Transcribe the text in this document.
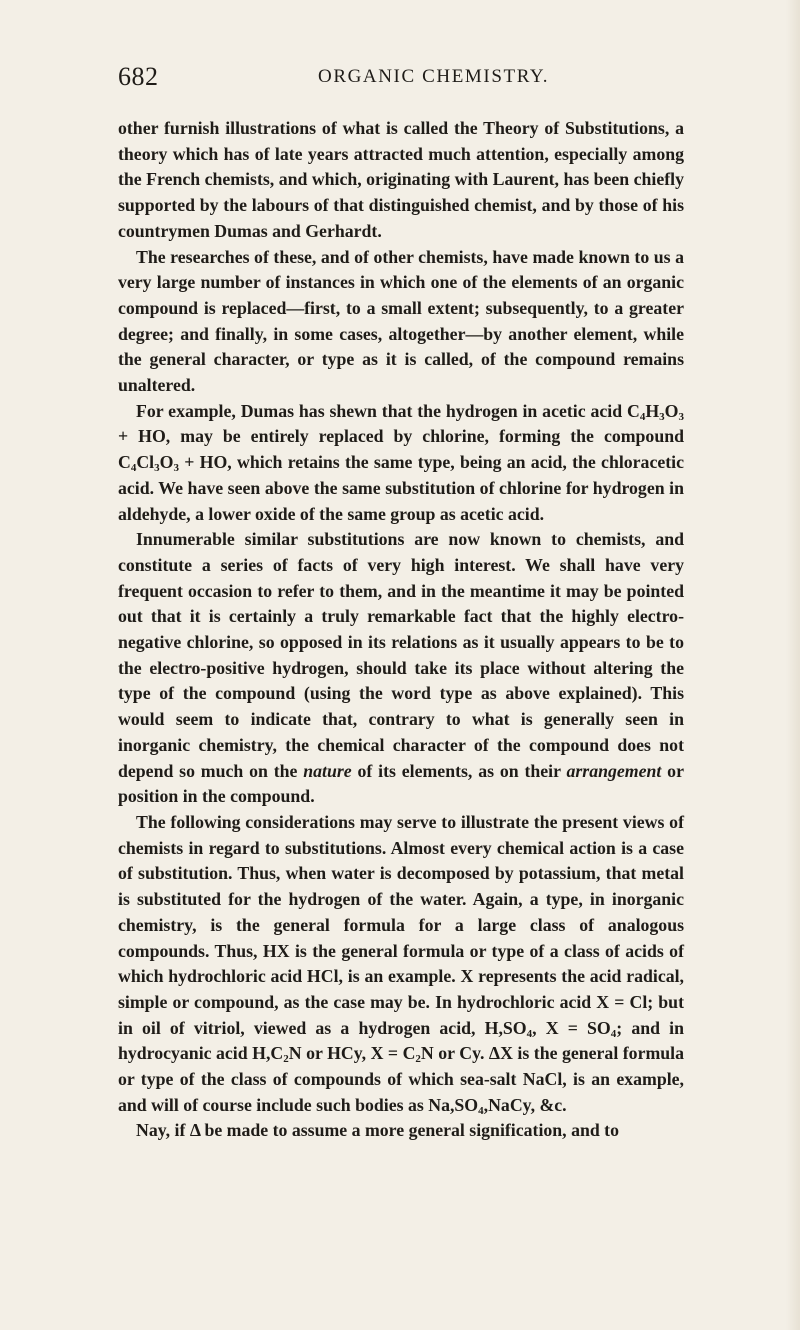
682	ORGANIC CHEMISTRY.

other furnish illustrations of what is called the Theory of Substitutions, a theory which has of late years attracted much attention, especially among the French chemists, and which, originating with Laurent, has been chiefly supported by the labours of that distinguished chemist, and by those of his countrymen Dumas and Gerhardt.

The researches of these, and of other chemists, have made known to us a very large number of instances in which one of the elements of an organic compound is replaced—first, to a small extent; subsequently, to a greater degree; and finally, in some cases, altogether—by another element, while the general character, or type as it is called, of the compound remains unaltered.

For example, Dumas has shewn that the hydrogen in acetic acid $C_4H_3O_3$ + HO, may be entirely replaced by chlorine, forming the compound $C_4Cl_3O_3$ + HO, which retains the same type, being an acid, the chloracetic acid. We have seen above the same substitution of chlorine for hydrogen in aldehyde, a lower oxide of the same group as acetic acid.

Innumerable similar substitutions are now known to chemists, and constitute a series of facts of very high interest. We shall have very frequent occasion to refer to them, and in the meantime it may be pointed out that it is certainly a truly remarkable fact that the highly electro-negative chlorine, so opposed in its relations as it usually appears to be to the electro-positive hydrogen, should take its place without altering the type of the compound (using the word type as above explained). This would seem to indicate that, contrary to what is generally seen in inorganic chemistry, the chemical character of the compound does not depend so much on the nature of its elements, as on their arrangement or position in the compound.

The following considerations may serve to illustrate the present views of chemists in regard to substitutions. Almost every chemical action is a case of substitution. Thus, when water is decomposed by potassium, that metal is substituted for the hydrogen of the water. Again, a type, in inorganic chemistry, is the general formula for a large class of analogous compounds. Thus, HX is the general formula or type of a class of acids of which hydrochloric acid HCl, is an example. X represents the acid radical, simple or compound, as the case may be. In hydrochloric acid X = Cl; but in oil of vitriol, viewed as a hydrogen acid, $H,SO_4$, $X = SO_4$; and in hydrocyanic acid $H,C_2N$ or HCy, $X = C_2N$ or Cy. ΔX is the general formula or type of the class of compounds of which sea-salt NaCl, is an example, and will of course include such bodies as $Na,SO_4,NaCy$, &c.

Nay, if Δ be made to assume a more general signification, and to
